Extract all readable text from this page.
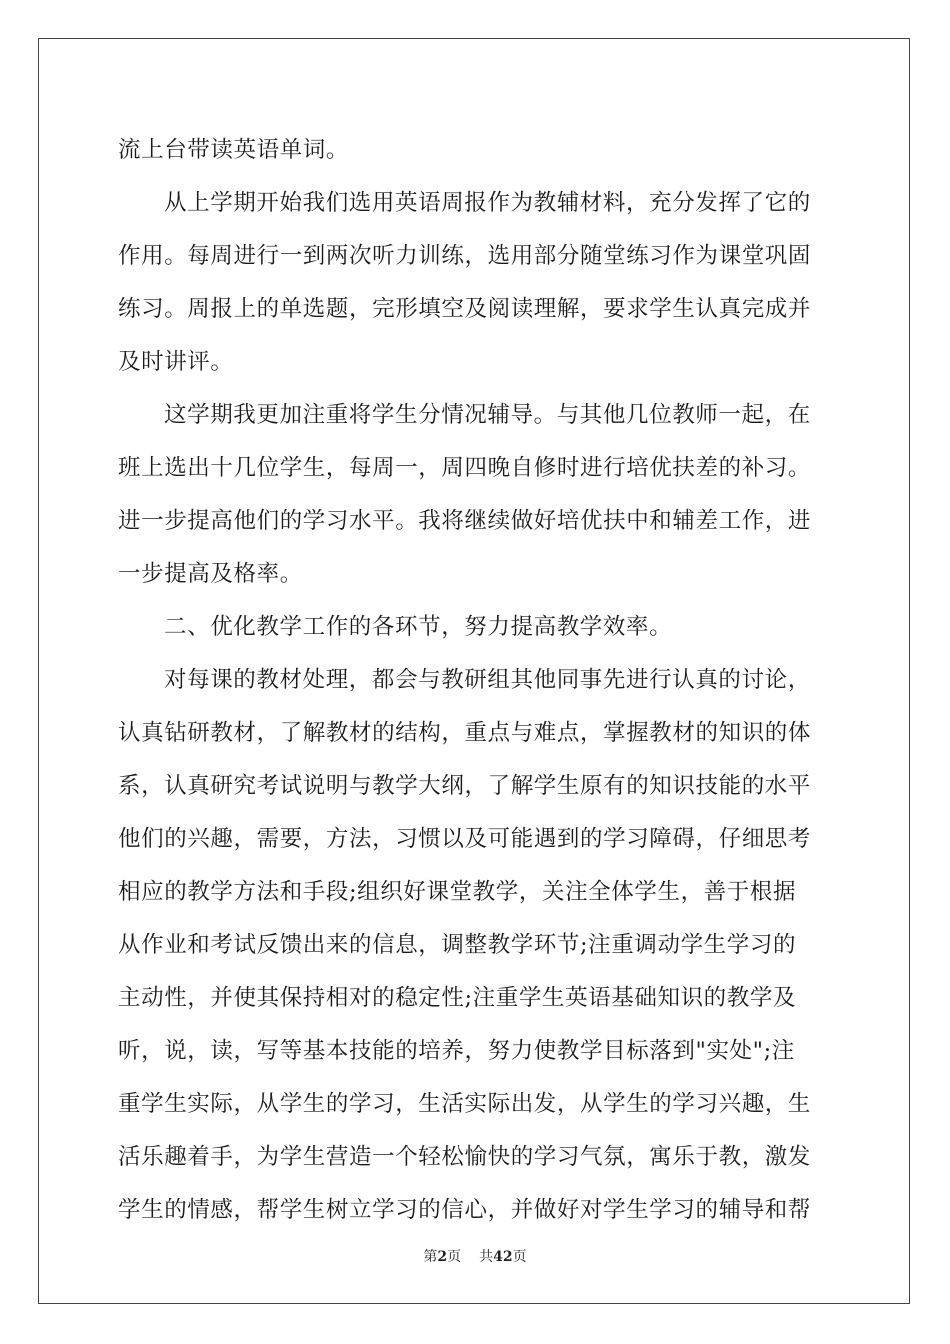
流上台带读英语单词。
从上学期开始我们选用英语周报作为教辅材料，充分发挥了它的
作用。每周进行一到两次听力训练，选用部分随堂练习作为课堂巩固
练习。周报上的单选题，完形填空及阅读理解，要求学生认真完成并
及时讲评。
这学期我更加注重将学生分情况辅导。与其他几位教师一起，在
班上选出十几位学生，每周一，周四晚自修时进行培优扶差的补习。
进一步提高他们的学习水平。我将继续做好培优扶中和辅差工作，进
一步提高及格率。
二、优化教学工作的各环节，努力提高教学效率。
对每课的教材处理，都会与教研组其他同事先进行认真的讨论，
认真钻研教材，了解教材的结构，重点与难点，掌握教材的知识的体
系，认真研究考试说明与教学大纲，了解学生原有的知识技能的水平
他们的兴趣，需要，方法，习惯以及可能遇到的学习障碍，仔细思考
相应的教学方法和手段;组织好课堂教学，关注全体学生，善于根据
从作业和考试反馈出来的信息，调整教学环节;注重调动学生学习的
主动性，并使其保持相对的稳定性;注重学生英语基础知识的教学及
听，说，读，写等基本技能的培养，努力使教学目标落到"实处";注
重学生实际，从学生的学习，生活实际出发，从学生的学习兴趣，生
活乐趣着手，为学生营造一个轻松愉快的学习气氛，寓乐于教，激发
学生的情感，帮学生树立学习的信心，并做好对学生学习的辅导和帮
第2页 共42页
